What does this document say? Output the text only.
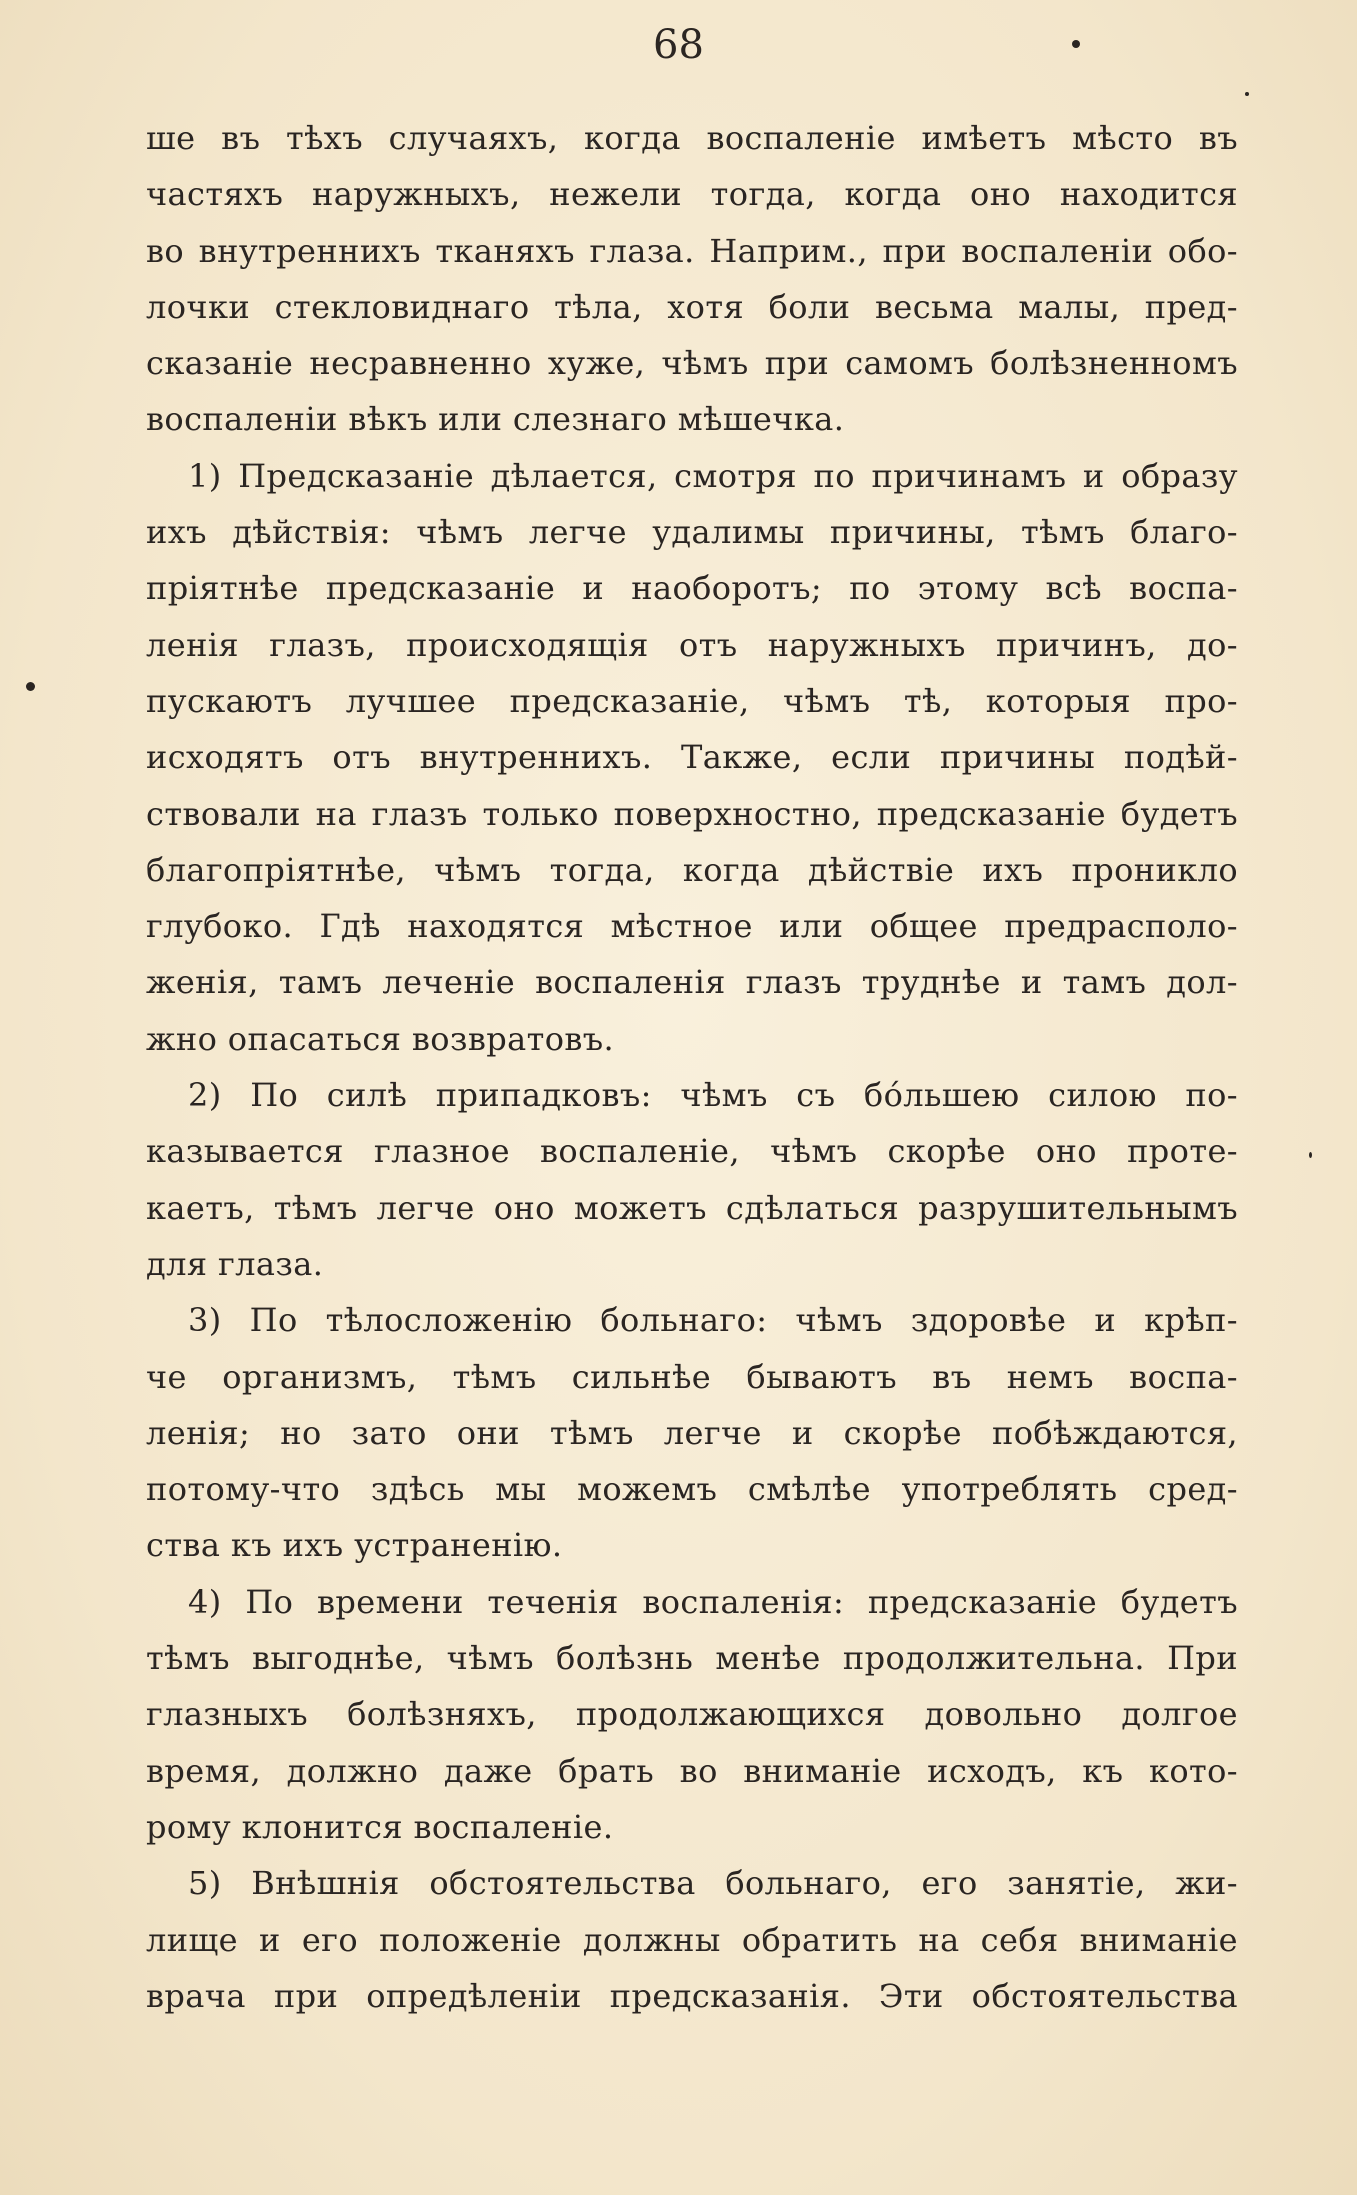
68
ше въ тѣхъ случаяхъ, когда воспаленіе имѣетъ мѣсто въ
частяхъ наружныхъ, нежели тогда, когда оно находится
во внутреннихъ тканяхъ глаза. Наприм., при воспаленіи обо-
лочки стекловиднаго тѣла, хотя боли весьма малы, пред-
сказаніе несравненно хуже, чѣмъ при самомъ болѣзненномъ
воспаленіи вѣкъ или слезнаго мѣшечка.
1) Предсказаніе дѣлается, смотря по причинамъ и образу
ихъ дѣйствія: чѣмъ легче удалимы причины, тѣмъ благо-
пріятнѣе предсказаніе и наоборотъ; по этому всѣ воспа-
ленія глазъ, происходящія отъ наружныхъ причинъ, до-
пускаютъ лучшее предсказаніе, чѣмъ тѣ, которыя про-
исходятъ отъ внутреннихъ. Также, если причины подѣй-
ствовали на глазъ только поверхностно, предсказаніе будетъ
благопріятнѣе, чѣмъ тогда, когда дѣйствіе ихъ проникло
глубоко. Гдѣ находятся мѣстное или общее предрасполо-
женія, тамъ леченіе воспаленія глазъ труднѣе и тамъ дол-
жно опасаться возвратовъ.
2) По силѣ припадковъ: чѣмъ съ бо́льшею силою по-
казывается глазное воспаленіе, чѣмъ скорѣе оно проте-
каетъ, тѣмъ легче оно можетъ сдѣлаться разрушительнымъ
для глаза.
3) По тѣлосложенію больнаго: чѣмъ здоровѣе и крѣп-
че организмъ, тѣмъ сильнѣе бываютъ въ немъ воспа-
ленія; но зато они тѣмъ легче и скорѣе побѣждаются,
потому-что здѣсь мы можемъ смѣлѣе употреблять сред-
ства къ ихъ устраненію.
4) По времени теченія воспаленія: предсказаніе будетъ
тѣмъ выгоднѣе, чѣмъ болѣзнь менѣе продолжительна. При
глазныхъ болѣзняхъ, продолжающихся довольно долгое
время, должно даже брать во вниманіе исходъ, къ кото-
рому клонится воспаленіе.
5) Внѣшнія обстоятельства больнаго, его занятіе, жи-
лище и его положеніе должны обратить на себя вниманіе
врача при опредѣленіи предсказанія. Эти обстоятельства
